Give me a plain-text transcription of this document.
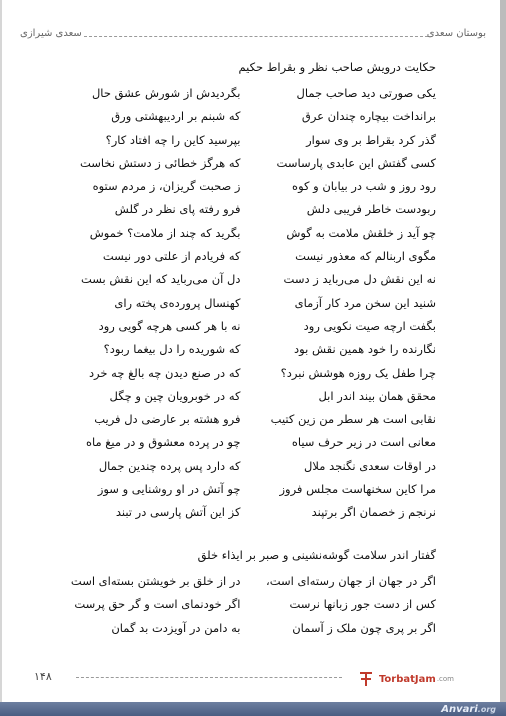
سعدی شیرازی	بوستان سعدی
حکایت درویش صاحب نظر و بقراط حکیم
یکی صورتی دید صاحب جمال
بگردیدش از شورش عشق حال
برانداخت بیچاره چندان عرق
که شبنم بر اردیبهشتی ورق
گذر کرد بقراط بر وی سوار
بپرسید کاین را چه افتاد کار؟
کسی گفتش این عابدی پارساست
که هرگز خطائی ز دستش نخاست
رود روز و شب در بیابان و کوه
ز صحبت گریزان، ز مردم ستوه
ربودست خاطر فریبی دلش
فرو رفته پای نظر در گلش
چو آید ز خلقش ملامت به گوش
بگرید که چند از ملامت؟ خموش
مگوی اربنالم که معذور نیست
که فریادم از علتی دور نیست
نه این نقش دل می‌رباید ز دست
دل آن می‌رباید که این نقش بست
شنید این سخن مرد کار آزمای
کهنسال پرورده‌ی پخته رای
بگفت ارچه صیت نکویی رود
نه با هر کسی هرچه گویی رود
نگارنده را خود همین نقش بود
که شوریده را دل بیغما ربود؟
چرا طفل یک روزه هوشش نبرد؟
که در صنع دیدن چه بالغ چه خرد
محقق همان بیند اندر ابل
که در خوبرویان چین و چگل
نقابی است هر سطر من زین کتیب
فرو هشته بر عارضی دل فریب
معانی است در زیر حرف سیاه
چو در پرده معشوق و در میغ ماه
در اوقات سعدی نگنجد ملال
که دارد پس پرده چندین جمال
مرا کاین سخنهاست مجلس فروز
چو آتش در او روشنایی و سوز
نرنجم ز خصمان اگر برتپند
کز این آتش پارسی در تبند
گفتار اندر سلامت گوشه‌نشینی و صبر بر ایذاء خلق
اگر در جهان از جهان رسته‌ای است،
در از خلق بر خویشتن بسته‌ای است
کس از دست جور زبانها نرست
اگر خودنمای است و گر حق پرست
اگر بر پری چون ملک ز آسمان
به دامن در آویزدت بد گمان
۱۴۸	TorbatJam .com
Anvari.org
